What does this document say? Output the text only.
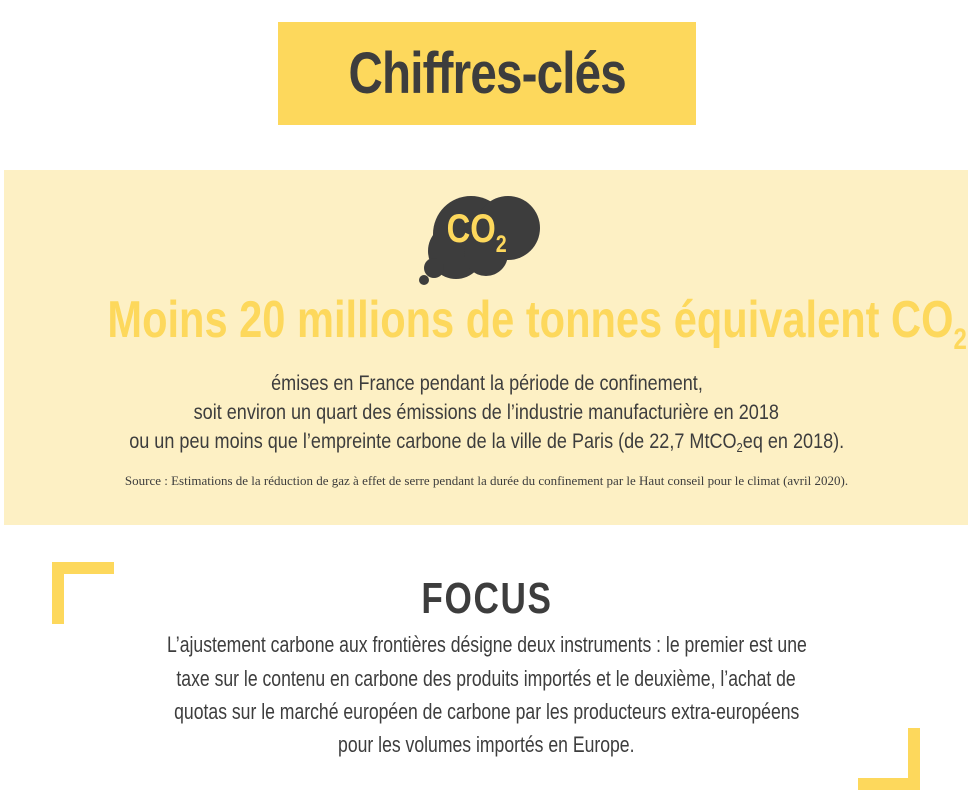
Chiffres-clés
$CO_2$
Moins 20 millions de tonnes équivalent $CO_2$
émises en France pendant la période de confinement,
soit environ un quart des émissions de l’industrie manufacturière en 2018
ou un peu moins que l’empreinte carbone de la ville de Paris (de 22,7 MtCO$_2$eq en 2018).
Source : Estimations de la réduction de gaz à effet de serre pendant la durée du confinement par le Haut conseil pour le climat (avril 2020).
FOCUS
L’ajustement carbone aux frontières désigne deux instruments : le premier est une
taxe sur le contenu en carbone des produits importés et le deuxième, l’achat de
quotas sur le marché européen de carbone par les producteurs extra-européens
pour les volumes importés en Europe.
